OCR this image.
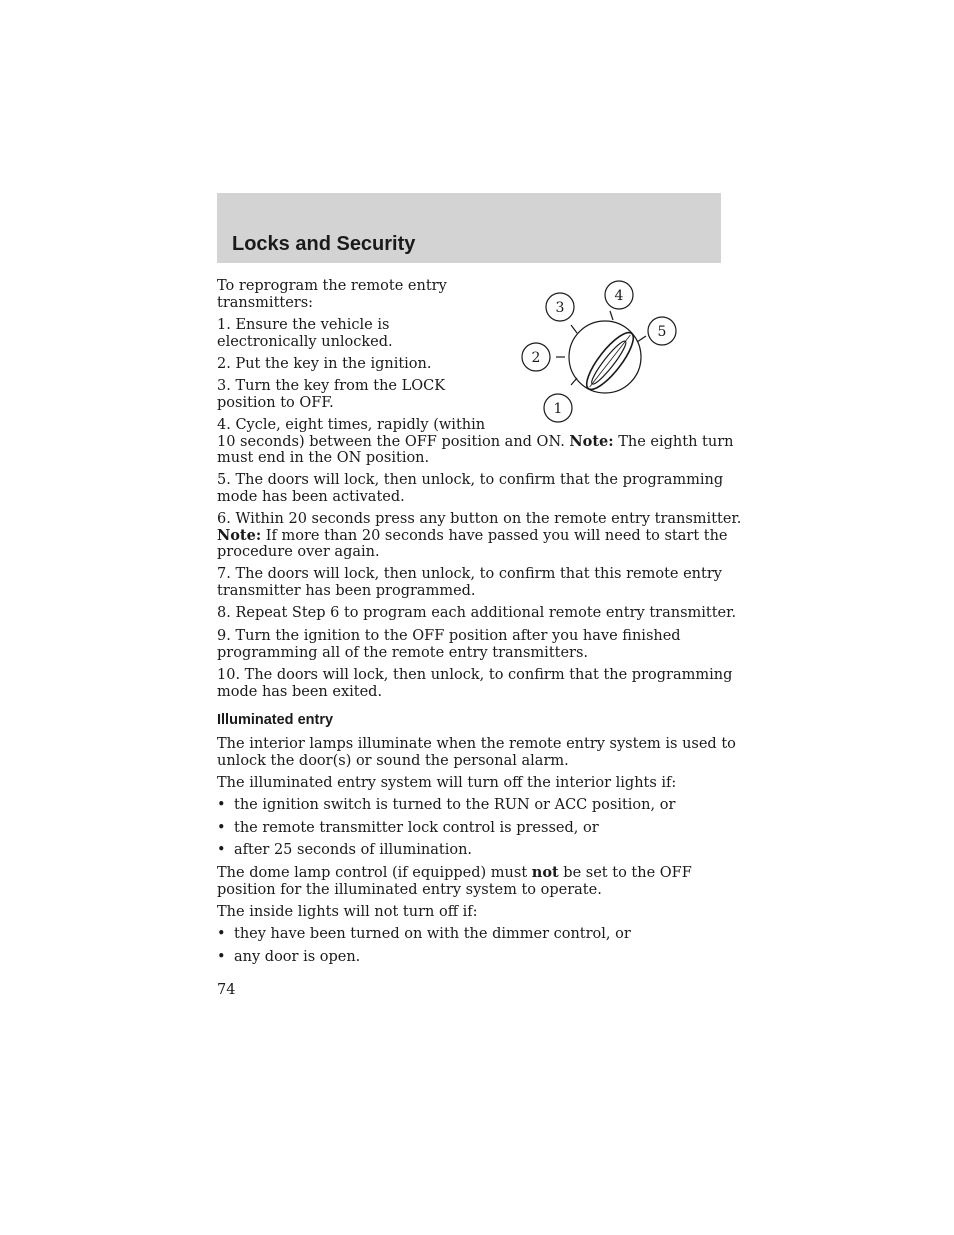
Locks and Security

To reprogram the remote entry
transmitters:

1. Ensure the vehicle is
electronically unlocked.

2. Put the key in the ignition.

3. Turn the key from the LOCK
position to OFF.

4. Cycle, eight times, rapidly (within
10 seconds) between the OFF position and ON. Note: The eighth turn
must end in the ON position.

5. The doors will lock, then unlock, to confirm that the programming
mode has been activated.

6. Within 20 seconds press any button on the remote entry transmitter.
Note: If more than 20 seconds have passed you will need to start the
procedure over again.

7. The doors will lock, then unlock, to confirm that this remote entry
transmitter has been programmed.

8. Repeat Step 6 to program each additional remote entry transmitter.

9. Turn the ignition to the OFF position after you have finished
programming all of the remote entry transmitters.

10. The doors will lock, then unlock, to confirm that the programming
mode has been exited.

1
2
3
4
5
Illuminated entry

The interior lamps illuminate when the remote entry system is used to
unlock the door(s) or sound the personal alarm.

The illuminated entry system will turn off the interior lights if:

• the ignition switch is turned to the RUN or ACC position, or

• the remote transmitter lock control is pressed, or

• after 25 seconds of illumination.

The dome lamp control (if equipped) must not be set to the OFF
position for the illuminated entry system to operate.

The inside lights will not turn off if:

• they have been turned on with the dimmer control, or

• any door is open.

74
